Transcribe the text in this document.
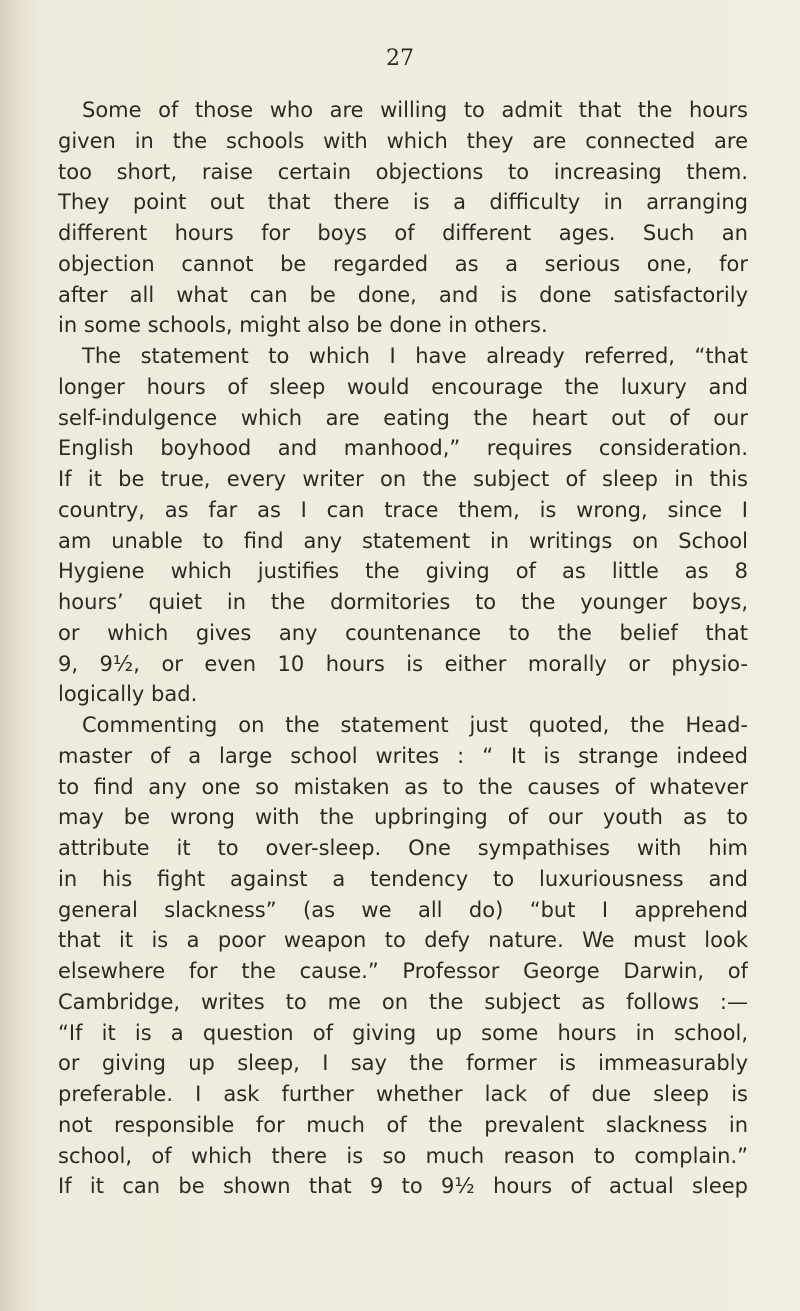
27
Some of those who are willing to admit that the hours
given in the schools with which they are connected are
too short, raise certain objections to increasing them.
They point out that there is a difficulty in arranging
different hours for boys of different ages. Such an
objection cannot be regarded as a serious one, for
after all what can be done, and is done satisfactorily
in some schools, might also be done in others.
The statement to which I have already referred, “that
longer hours of sleep would encourage the luxury and
self-indulgence which are eating the heart out of our
English boyhood and manhood,” requires consideration.
If it be true, every writer on the subject of sleep in this
country, as far as I can trace them, is wrong, since I
am unable to find any statement in writings on School
Hygiene which justifies the giving of as little as 8
hours’ quiet in the dormitories to the younger boys,
or which gives any countenance to the belief that
9, 9½, or even 10 hours is either morally or physio-
logically bad.
Commenting on the statement just quoted, the Head-
master of a large school writes : “ It is strange indeed
to find any one so mistaken as to the causes of whatever
may be wrong with the upbringing of our youth as to
attribute it to over-sleep. One sympathises with him
in his fight against a tendency to luxuriousness and
general slackness” (as we all do) “but I apprehend
that it is a poor weapon to defy nature. We must look
elsewhere for the cause.” Professor George Darwin, of
Cambridge, writes to me on the subject as follows :—
“If it is a question of giving up some hours in school,
or giving up sleep, I say the former is immeasurably
preferable. I ask further whether lack of due sleep is
not responsible for much of the prevalent slackness in
school, of which there is so much reason to complain.”
If it can be shown that 9 to 9½ hours of actual sleep
